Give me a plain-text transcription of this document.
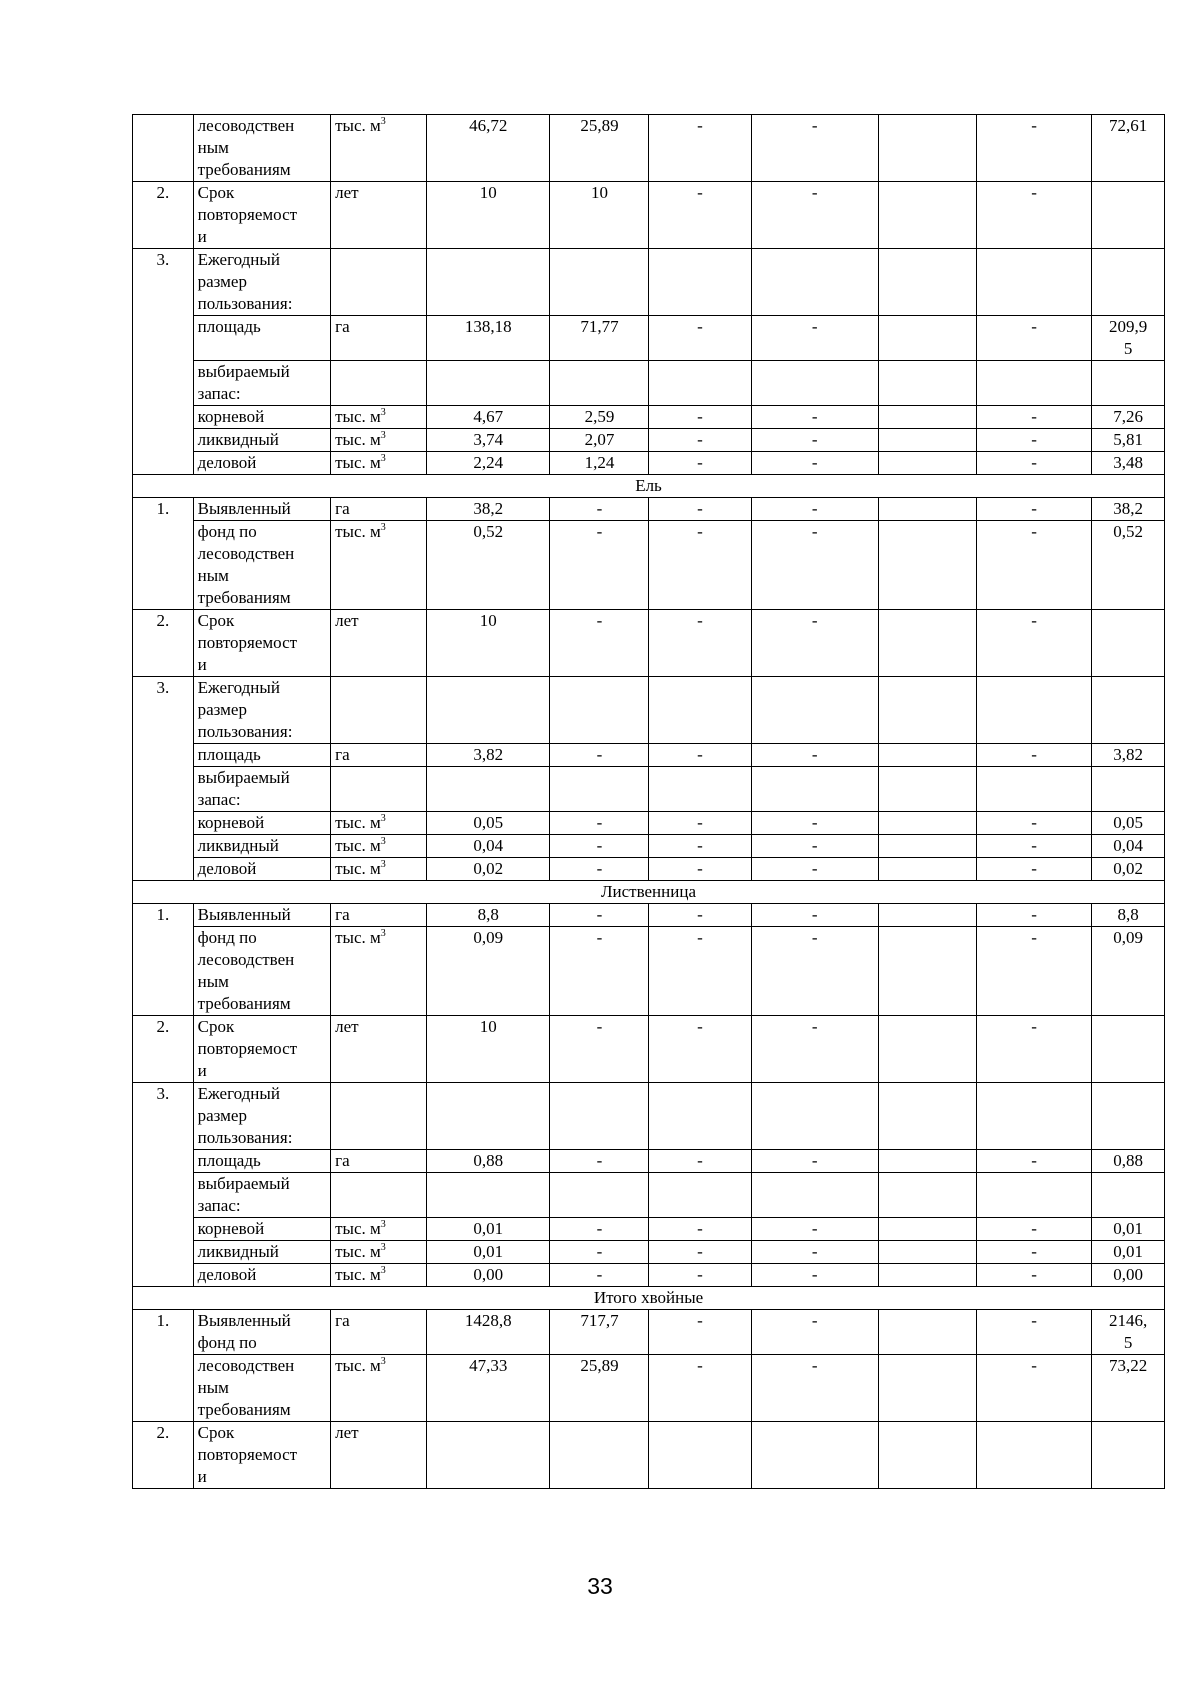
	лесоводствен
ным
требованиям	тыс. $м^3$	46,72	25,89	-	-		-	72,61
2.	Срок
повторяемост
и	лет	10	10	-	-		-	
3.	Ежегодный
размер
пользования:								
	площадь	га	138,18	71,77	-	-		-	209,9
5
	выбираемый
запас:								
	корневой	тыс. $м^3$	4,67	2,59	-	-		-	7,26
	ликвидный	тыс. $м^3$	3,74	2,07	-	-		-	5,81
	деловой	тыс. $м^3$	2,24	1,24	-	-		-	3,48
Ель									
1.	Выявленный	га	38,2	-	-	-		-	38,2
	фонд по
лесоводствен
ным
требованиям	тыс. $м^3$	0,52	-	-	-		-	0,52
2.	Срок
повторяемост
и	лет	10	-	-	-		-	
3.	Ежегодный
размер
пользования:								
	площадь	га	3,82	-	-	-		-	3,82
	выбираемый
запас:								
	корневой	тыс. $м^3$	0,05	-	-	-		-	0,05
	ликвидный	тыс. $м^3$	0,04	-	-	-		-	0,04
	деловой	тыс. $м^3$	0,02	-	-	-		-	0,02
Лиственница									
1.	Выявленный	га	8,8	-	-	-		-	8,8
	фонд по
лесоводствен
ным
требованиям	тыс. $м^3$	0,09	-	-	-		-	0,09
2.	Срок
повторяемост
и	лет	10	-	-	-		-	
3.	Ежегодный
размер
пользования:								
	площадь	га	0,88	-	-	-		-	0,88
	выбираемый
запас:								
	корневой	тыс. $м^3$	0,01	-	-	-		-	0,01
	ликвидный	тыс. $м^3$	0,01	-	-	-		-	0,01
	деловой	тыс. $м^3$	0,00	-	-	-		-	0,00
Итого хвойные									
1.	Выявленный
фонд по	га	1428,8	717,7	-	-		-	2146,
5
	лесоводствен
ным
требованиям	тыс. $м^3$	47,33	25,89	-	-		-	73,22
2.	Срок
повторяемост
и	лет							
33
